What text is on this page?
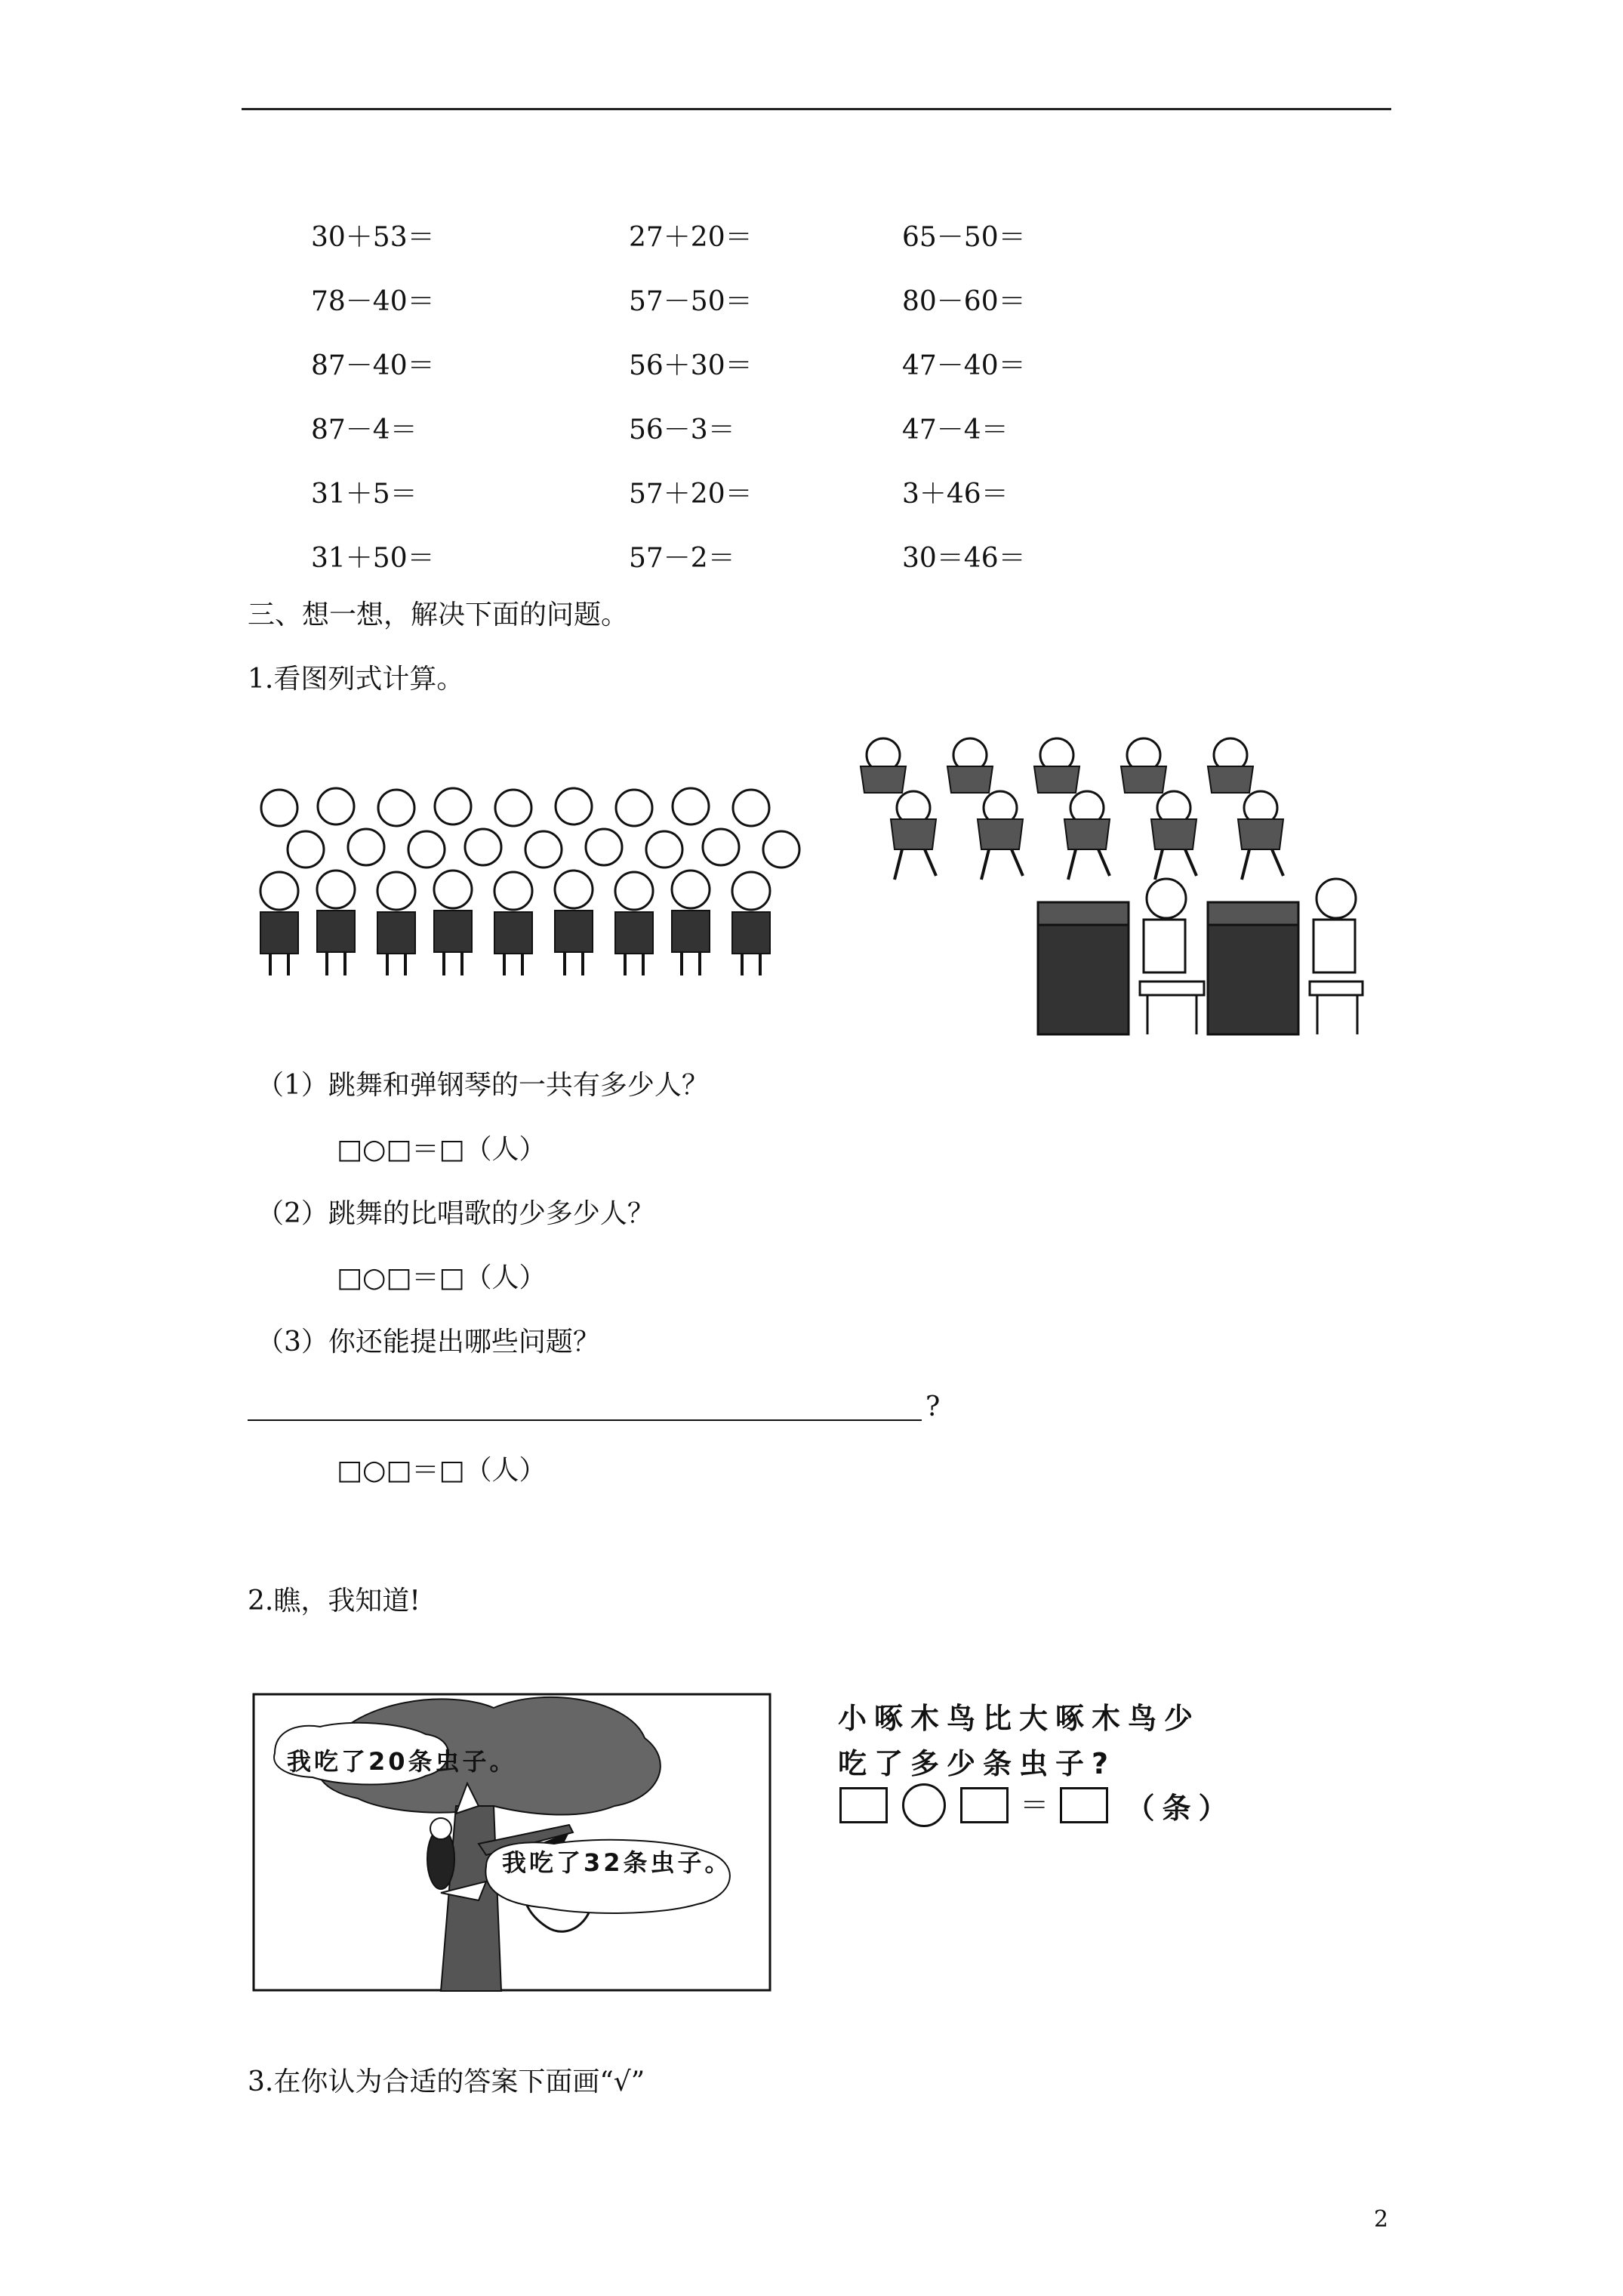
30＋53＝	27＋20＝	65－50＝
78－40＝	57－50＝	80－60＝
87－40＝	56＋30＝	47－40＝
87－4＝	56－3＝	47－4＝
31＋5＝	57＋20＝	3＋46＝
31＋50＝	57－2＝	30＝46＝
三、想一想，解决下面的问题。
1.看图列式计算。
（1）跳舞和弹钢琴的一共有多少人？
□○□＝□（人）
（2）跳舞的比唱歌的少多少人？
□○□＝□（人）
（3）你还能提出哪些问题？
?
□○□＝□（人）
2.瞧，我知道!
我吃了20条虫子。
我吃了32条虫子。
小啄木鸟比大啄木鸟少
吃了多少条虫子?
＝	（条）
3.在你认为合适的答案下面画“√”
2
